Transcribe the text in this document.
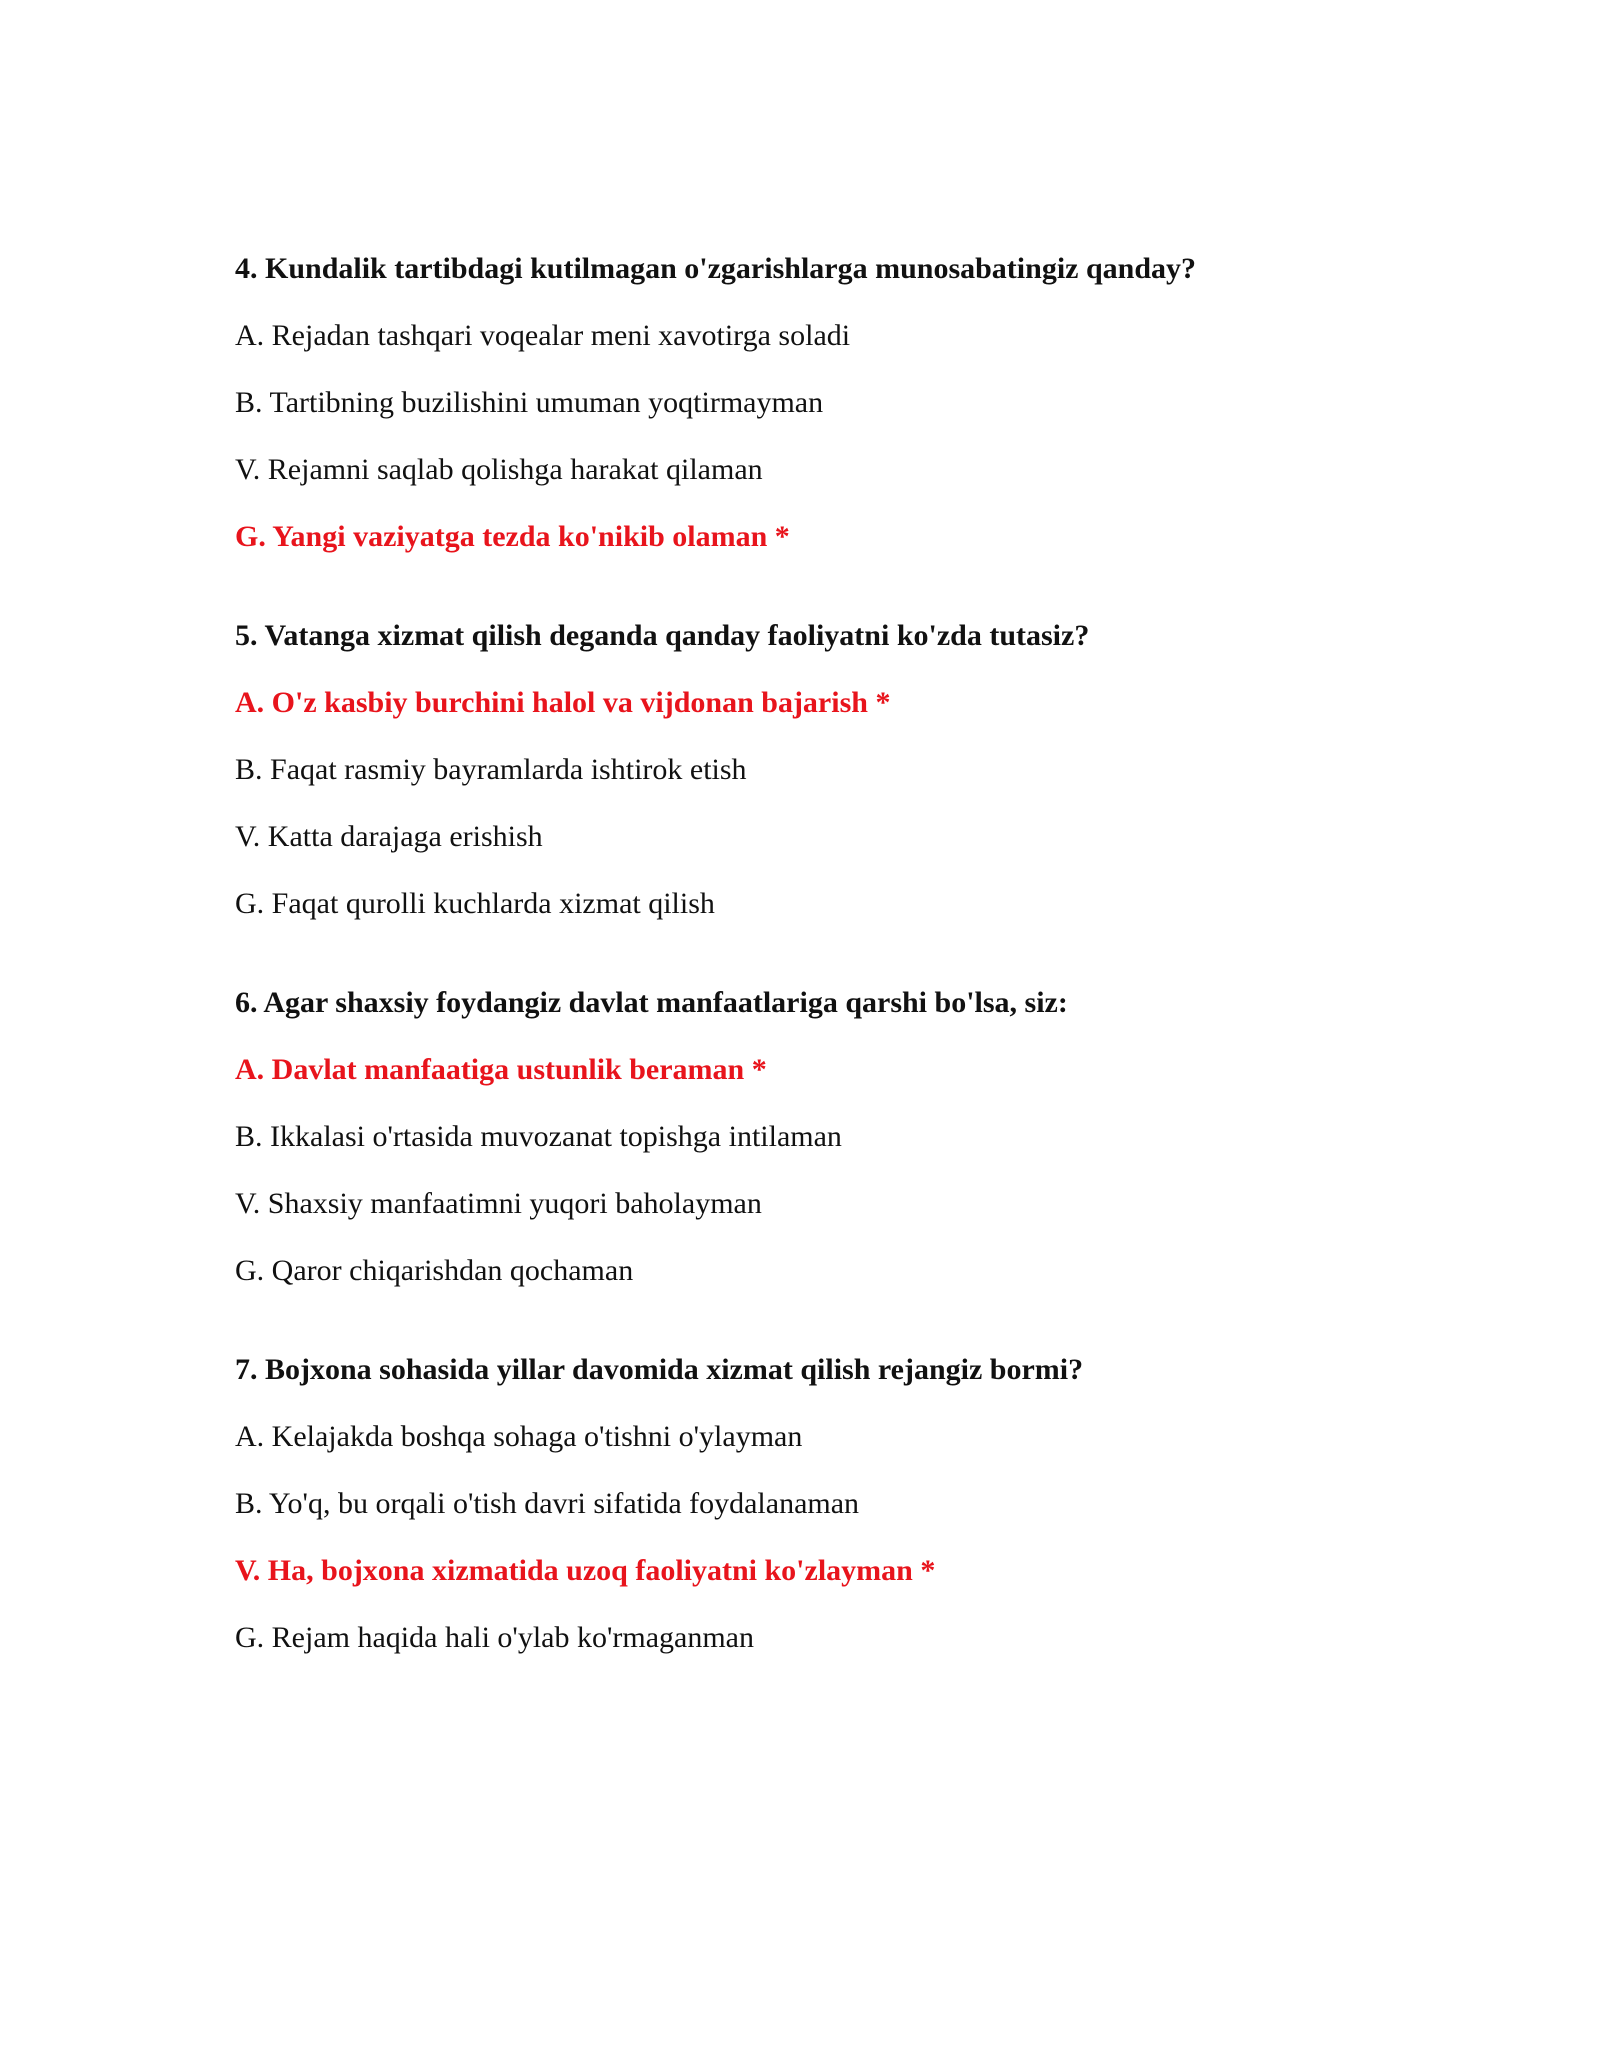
4. Kundalik tartibdagi kutilmagan o'zgarishlarga munosabatingiz qanday?
A. Rejadan tashqari voqealar meni xavotirga soladi
B. Tartibning buzilishini umuman yoqtirmayman
V. Rejamni saqlab qolishga harakat qilaman
G. Yangi vaziyatga tezda ko'nikib olaman *
5. Vatanga xizmat qilish deganda qanday faoliyatni ko'zda tutasiz?
A. O'z kasbiy burchini halol va vijdonan bajarish *
B. Faqat rasmiy bayramlarda ishtirok etish
V. Katta darajaga erishish
G. Faqat qurolli kuchlarda xizmat qilish
6. Agar shaxsiy foydangiz davlat manfaatlariga qarshi bo'lsa, siz:
A. Davlat manfaatiga ustunlik beraman *
B. Ikkalasi o'rtasida muvozanat topishga intilaman
V. Shaxsiy manfaatimni yuqori baholayman
G. Qaror chiqarishdan qochaman
7. Bojxona sohasida yillar davomida xizmat qilish rejangiz bormi?
A. Kelajakda boshqa sohaga o'tishni o'ylayman
B. Yo'q, bu orqali o'tish davri sifatida foydalanaman
V. Ha, bojxona xizmatida uzoq faoliyatni ko'zlayman *
G. Rejam haqida hali o'ylab ko'rmaganman
